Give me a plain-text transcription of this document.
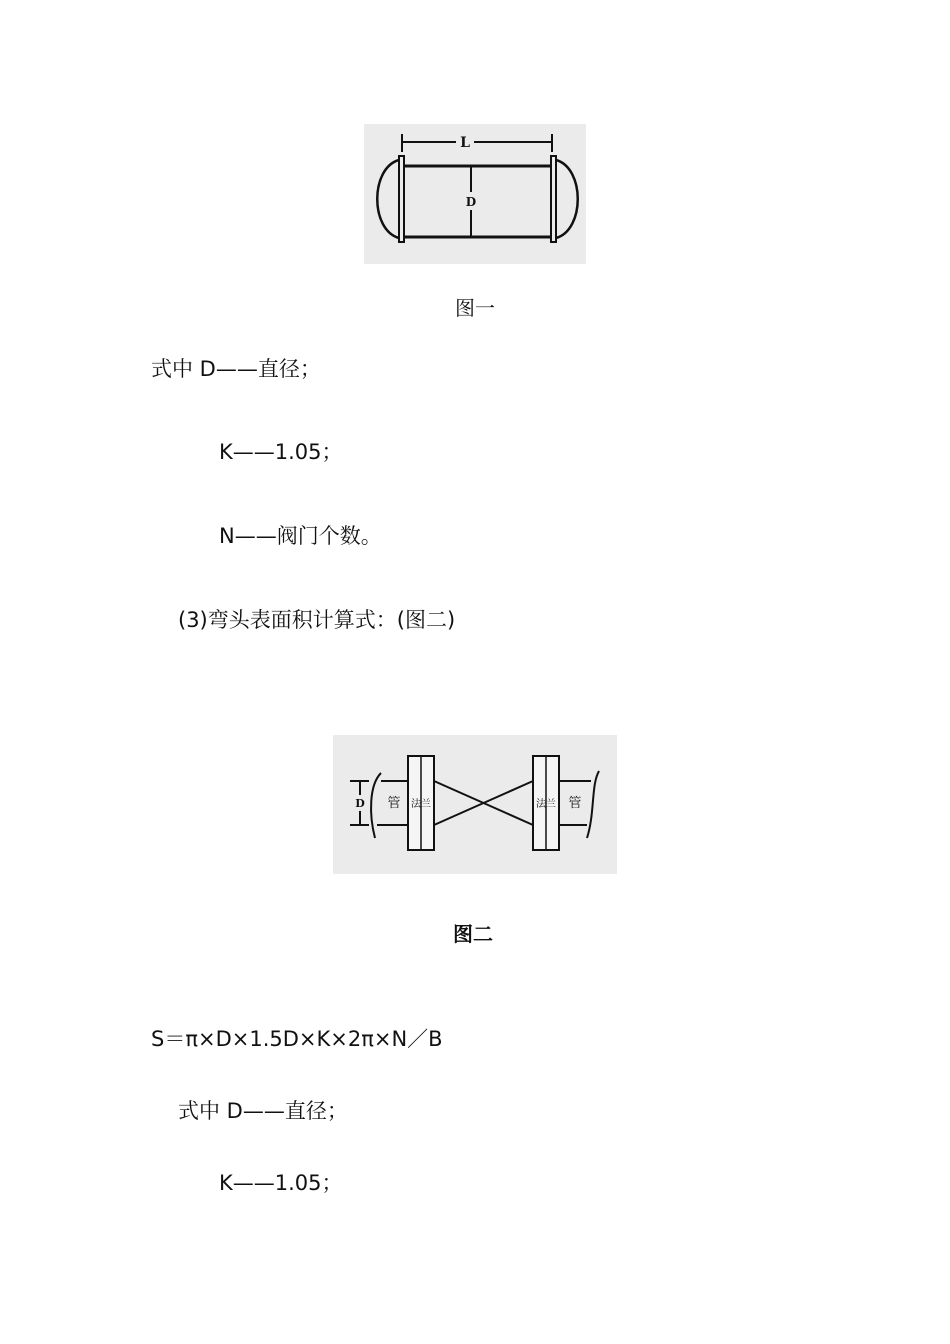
L
D
图一
式中 D——直径；
K——1.05；
N——阀门个数。
(3)弯头表面积计算式：(图二)
D 管 法兰	法兰 管
图二
S＝π×D×1.5D×K×2π×N／B
式中 D——直径；
K——1.05；
